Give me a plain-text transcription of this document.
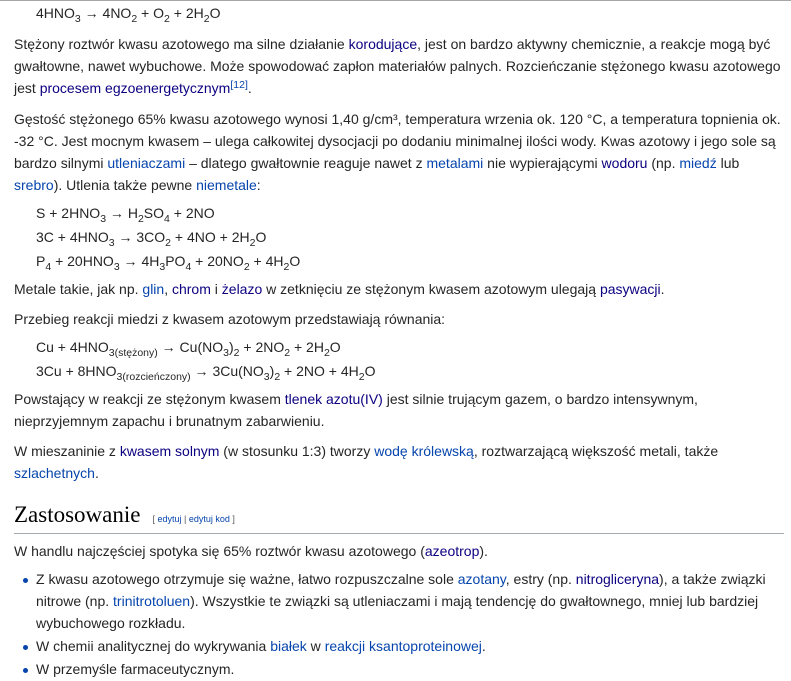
$4HNO_3 \to 4NO_2 + O_2 + 2H_2O$

Stężony roztwór kwasu azotowego ma silne działanie korodujące, jest on bardzo aktywny chemicznie, a reakcje mogą być gwałtowne, nawet wybuchowe. Może spowodować zapłon materiałów palnych. Rozcieńczanie stężonego kwasu azotowego jest procesem egzoenergetycznym[12].

Gęstość stężonego 65% kwasu azotowego wynosi 1,40 g/cm³, temperatura wrzenia ok. 120 °C, a temperatura topnienia ok. -32 °C. Jest mocnym kwasem – ulega całkowitej dysocjacji po dodaniu minimalnej ilości wody. Kwas azotowy i jego sole są bardzo silnymi utleniaczami – dlatego gwałtownie reaguje nawet z metalami nie wypierającymi wodoru (np. miedź lub srebro). Utlenia także pewne niemetale:

$S + 2HNO_3 \to H_2SO_4 + 2NO$
$3C + 4HNO_3 \to 3CO_2 + 4NO + 2H_2O$
$P_4 + 20HNO_3 \to 4H_3PO_4 + 20NO_2 + 4H_2O$

Metale takie, jak np. glin, chrom i żelazo w zetknięciu ze stężonym kwasem azotowym ulegają pasywacji.

Przebieg reakcji miedzi z kwasem azotowym przedstawiają równania:

$Cu + 4HNO_{3(stężony)} \to Cu(NO_3)_2 + 2NO_2 + 2H_2O$
$3Cu + 8HNO_{3(rozcieńczony)} \to 3Cu(NO_3)_2 + 2NO + 4H_2O$

Powstający w reakcji ze stężonym kwasem tlenek azotu(IV) jest silnie trującym gazem, o bardzo intensywnym, nieprzyjemnym zapachu i brunatnym zabarwieniu.

W mieszaninie z kwasem solnym (w stosunku 1:3) tworzy wodę królewską, roztwarzającą większość metali, także szlachetnych.

Zastosowanie [ edytuj | edytuj kod ]

W handlu najczęściej spotyka się 65% roztwór kwasu azotowego (azeotrop).

Z kwasu azotowego otrzymuje się ważne, łatwo rozpuszczalne sole azotany, estry (np. nitrogliceryna), a także związki nitrowe (np. trinitrotoluen). Wszystkie te związki są utleniaczami i mają tendencję do gwałtownego, mniej lub bardziej wybuchowego rozkładu.
W chemii analitycznej do wykrywania białek w reakcji ksantoproteinowej.
W przemyśle farmaceutycznym.
